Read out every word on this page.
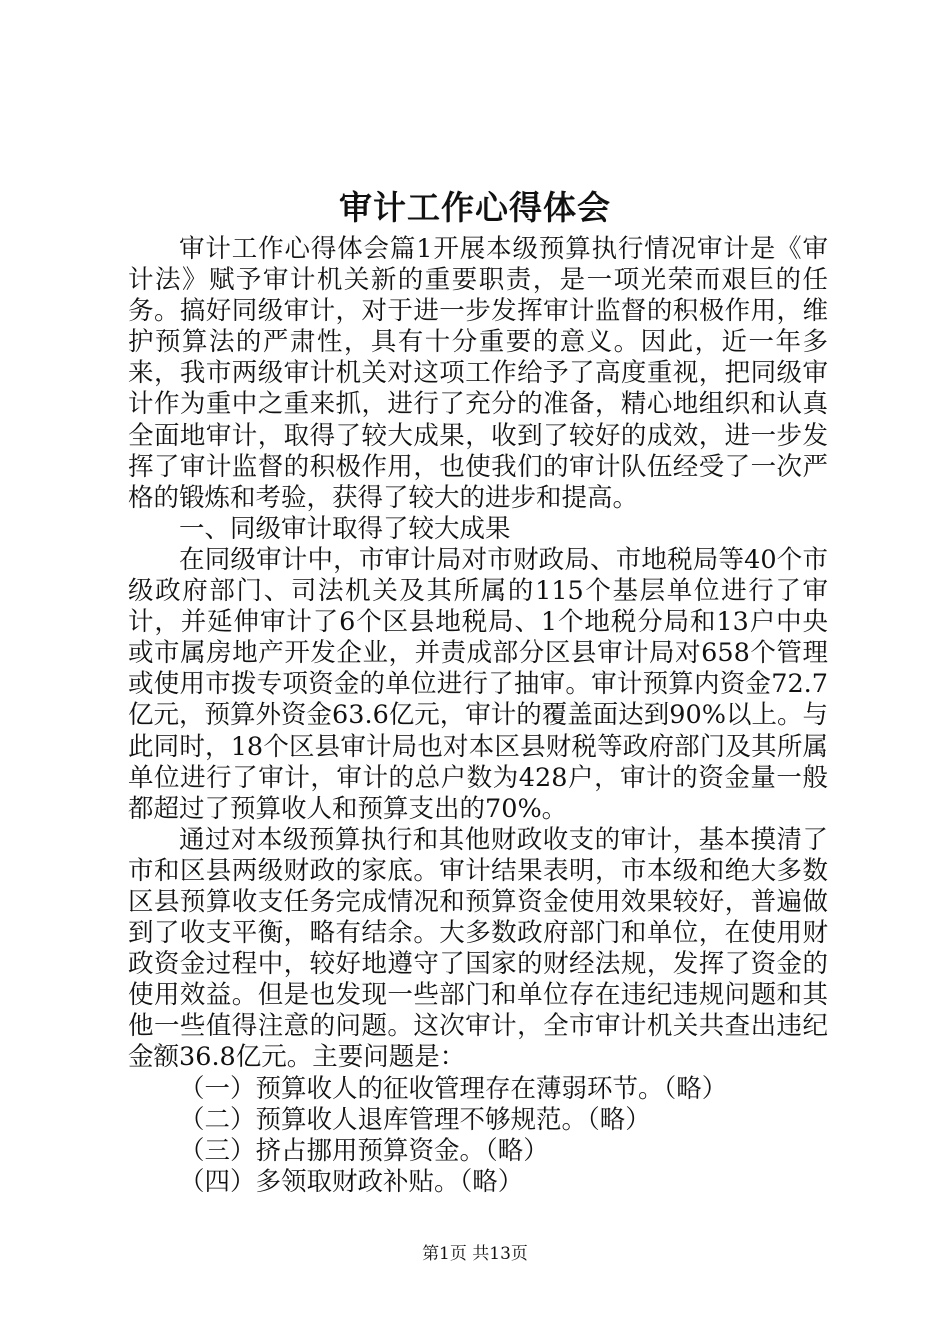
审计工作心得体会

审计工作心得体会篇1开展本级预算执行情况审计是《审计法》赋予审计机关新的重要职责，是一项光荣而艰巨的任务。搞好同级审计，对于进一步发挥审计监督的积极作用，维护预算法的严肃性，具有十分重要的意义。因此，近一年多来，我市两级审计机关对这项工作给予了高度重视，把同级审计作为重中之重来抓，进行了充分的准备，精心地组织和认真全面地审计，取得了较大成果，收到了较好的成效，进一步发挥了审计监督的积极作用，也使我们的审计队伍经受了一次严格的锻炼和考验，获得了较大的进步和提高。

一、同级审计取得了较大成果

在同级审计中，市审计局对市财政局、市地税局等40个市级政府部门、司法机关及其所属的115个基层单位进行了审计，并延伸审计了6个区县地税局、1个地税分局和13户中央或市属房地产开发企业，并责成部分区县审计局对658个管理或使用市拨专项资金的单位进行了抽审。审计预算内资金72.7亿元，预算外资金63.6亿元，审计的覆盖面达到90%以上。与此同时，18个区县审计局也对本区县财税等政府部门及其所属单位进行了审计，审计的总户数为428户，审计的资金量一般都超过了预算收人和预算支出的70%。

通过对本级预算执行和其他财政收支的审计，基本摸清了市和区县两级财政的家底。审计结果表明，市本级和绝大多数区县预算收支任务完成情况和预算资金使用效果较好，普遍做到了收支平衡，略有结余。大多数政府部门和单位，在使用财政资金过程中，较好地遵守了国家的财经法规，发挥了资金的使用效益。但是也发现一些部门和单位存在违纪违规问题和其他一些值得注意的问题。这次审计，全市审计机关共查出违纪金额36.8亿元。主要问题是：

（一）预算收人的征收管理存在薄弱环节。（略）

（二）预算收人退库管理不够规范。（略）

（三）挤占挪用预算资金。（略）

（四）多领取财政补贴。（略）

第1页 共13页
